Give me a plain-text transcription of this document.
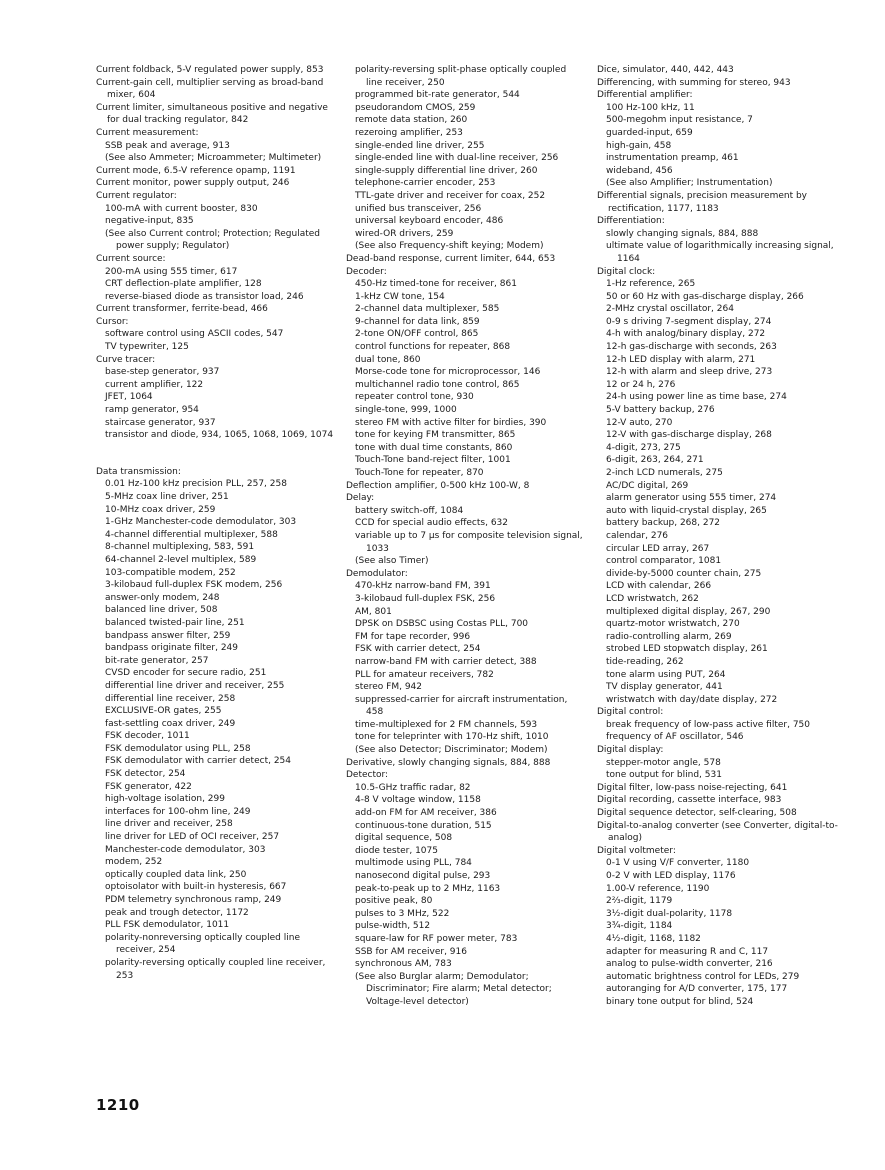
Current foldback, 5-V regulated power supply, 853
Current-gain cell, multiplier serving as broad-band mixer, 604
Current limiter, simultaneous positive and negative for dual tracking regulator, 842
Current measurement:
SSB peak and average, 913
(See also Ammeter; Microammeter; Multimeter)
Current mode, 6.5-V reference opamp, 1191
Current monitor, power supply output, 246
Current regulator:
100-mA with current booster, 830
negative-input, 835
(See also Current control; Protection; Regulated power supply; Regulator)
Current source:
200-mA using 555 timer, 617
CRT deflection-plate amplifier, 128
reverse-biased diode as transistor load, 246
Current transformer, ferrite-bead, 466
Cursor:
software control using ASCII codes, 547
TV typewriter, 125
Curve tracer:
base-step generator, 937
current amplifier, 122
JFET, 1064
ramp generator, 954
staircase generator, 937
transistor and diode, 934, 1065, 1068, 1069, 1074
Data transmission:
0.01 Hz-100 kHz precision PLL, 257, 258
5-MHz coax line driver, 251
10-MHz coax driver, 259
1-GHz Manchester-code demodulator, 303
4-channel differential multiplexer, 588
8-channel multiplexing, 583, 591
64-channel 2-level multiplex, 589
103-compatible modem, 252
3-kilobaud full-duplex FSK modem, 256
answer-only modem, 248
balanced line driver, 508
balanced twisted-pair line, 251
bandpass answer filter, 259
bandpass originate filter, 249
bit-rate generator, 257
CVSD encoder for secure radio, 251
differential line driver and receiver, 255
differential line receiver, 258
EXCLUSIVE-OR gates, 255
fast-settling coax driver, 249
FSK decoder, 1011
FSK demodulator using PLL, 258
FSK demodulator with carrier detect, 254
FSK detector, 254
FSK generator, 422
high-voltage isolation, 299
interfaces for 100-ohm line, 249
line driver and receiver, 258
line driver for LED of OCI receiver, 257
Manchester-code demodulator, 303
modem, 252
optically coupled data link, 250
optoisolator with built-in hysteresis, 667
PDM telemetry synchronous ramp, 249
peak and trough detector, 1172
PLL FSK demodulator, 1011
polarity-nonreversing optically coupled line receiver, 254
polarity-reversing optically coupled line receiver, 253
polarity-reversing split-phase optically coupled line receiver, 250
programmed bit-rate generator, 544
pseudorandom CMOS, 259
remote data station, 260
rezeroing amplifier, 253
single-ended line driver, 255
single-ended line with dual-line receiver, 256
single-supply differential line driver, 260
telephone-carrier encoder, 253
TTL-gate driver and receiver for coax, 252
unified bus transceiver, 256
universal keyboard encoder, 486
wired-OR drivers, 259
(See also Frequency-shift keying; Modem)
Dead-band response, current limiter, 644, 653
Decoder:
450-Hz timed-tone for receiver, 861
1-kHz CW tone, 154
2-channel data multiplexer, 585
9-channel for data link, 859
2-tone ON/OFF control, 865
control functions for repeater, 868
dual tone, 860
Morse-code tone for microprocessor, 146
multichannel radio tone control, 865
repeater control tone, 930
single-tone, 999, 1000
stereo FM with active filter for birdies, 390
tone for keying FM transmitter, 865
tone with dual time constants, 860
Touch-Tone band-reject filter, 1001
Touch-Tone for repeater, 870
Deflection amplifier, 0-500 kHz 100-W, 8
Delay:
battery switch-off, 1084
CCD for special audio effects, 632
variable up to 7 μs for composite television signal, 1033
(See also Timer)
Demodulator:
470-kHz narrow-band FM, 391
3-kilobaud full-duplex FSK, 256
AM, 801
DPSK on DSBSC using Costas PLL, 700
FM for tape recorder, 996
FSK with carrier detect, 254
narrow-band FM with carrier detect, 388
PLL for amateur receivers, 782
stereo FM, 942
suppressed-carrier for aircraft instrumentation, 458
time-multiplexed for 2 FM channels, 593
tone for teleprinter with 170-Hz shift, 1010
(See also Detector; Discriminator; Modem)
Derivative, slowly changing signals, 884, 888
Detector:
10.5-GHz traffic radar, 82
4-8 V voltage window, 1158
add-on FM for AM receiver, 386
continuous-tone duration, 515
digital sequence, 508
diode tester, 1075
multimode using PLL, 784
nanosecond digital pulse, 293
peak-to-peak up to 2 MHz, 1163
positive peak, 80
pulses to 3 MHz, 522
pulse-width, 512
square-law for RF power meter, 783
SSB for AM receiver, 916
synchronous AM, 783
(See also Burglar alarm; Demodulator; Discriminator; Fire alarm; Metal detector; Voltage-level detector)
Dice, simulator, 440, 442, 443
Differencing, with summing for stereo, 943
Differential amplifier:
100 Hz-100 kHz, 11
500-megohm input resistance, 7
guarded-input, 659
high-gain, 458
instrumentation preamp, 461
wideband, 456
(See also Amplifier; Instrumentation)
Differential signals, precision measurement by rectification, 1177, 1183
Differentiation:
slowly changing signals, 884, 888
ultimate value of logarithmically increasing signal, 1164
Digital clock:
1-Hz reference, 265
50 or 60 Hz with gas-discharge display, 266
2-MHz crystal oscillator, 264
0-9 s driving 7-segment display, 274
4-h with analog/binary display, 272
12-h gas-discharge with seconds, 263
12-h LED display with alarm, 271
12-h with alarm and sleep drive, 273
12 or 24 h, 276
24-h using power line as time base, 274
5-V battery backup, 276
12-V auto, 270
12-V with gas-discharge display, 268
4-digit, 273, 275
6-digit, 263, 264, 271
2-inch LCD numerals, 275
AC/DC digital, 269
alarm generator using 555 timer, 274
auto with liquid-crystal display, 265
battery backup, 268, 272
calendar, 276
circular LED array, 267
control comparator, 1081
divide-by-5000 counter chain, 275
LCD with calendar, 266
LCD wristwatch, 262
multiplexed digital display, 267, 290
quartz-motor wristwatch, 270
radio-controlling alarm, 269
strobed LED stopwatch display, 261
tide-reading, 262
tone alarm using PUT, 264
TV display generator, 441
wristwatch with day/date display, 272
Digital control:
break frequency of low-pass active filter, 750
frequency of AF oscillator, 546
Digital display:
stepper-motor angle, 578
tone output for blind, 531
Digital filter, low-pass noise-rejecting, 641
Digital recording, cassette interface, 983
Digital sequence detector, self-clearing, 508
Digital-to-analog converter (see Converter, digital-to-analog)
Digital voltmeter:
0-1 V using V/F converter, 1180
0-2 V with LED display, 1176
1.00-V reference, 1190
2⅔-digit, 1179
3½-digit dual-polarity, 1178
3¾-digit, 1184
4½-digit, 1168, 1182
adapter for measuring R and C, 117
analog to pulse-width converter, 216
automatic brightness control for LEDs, 279
autoranging for A/D converter, 175, 177
binary tone output for blind, 524
1210
